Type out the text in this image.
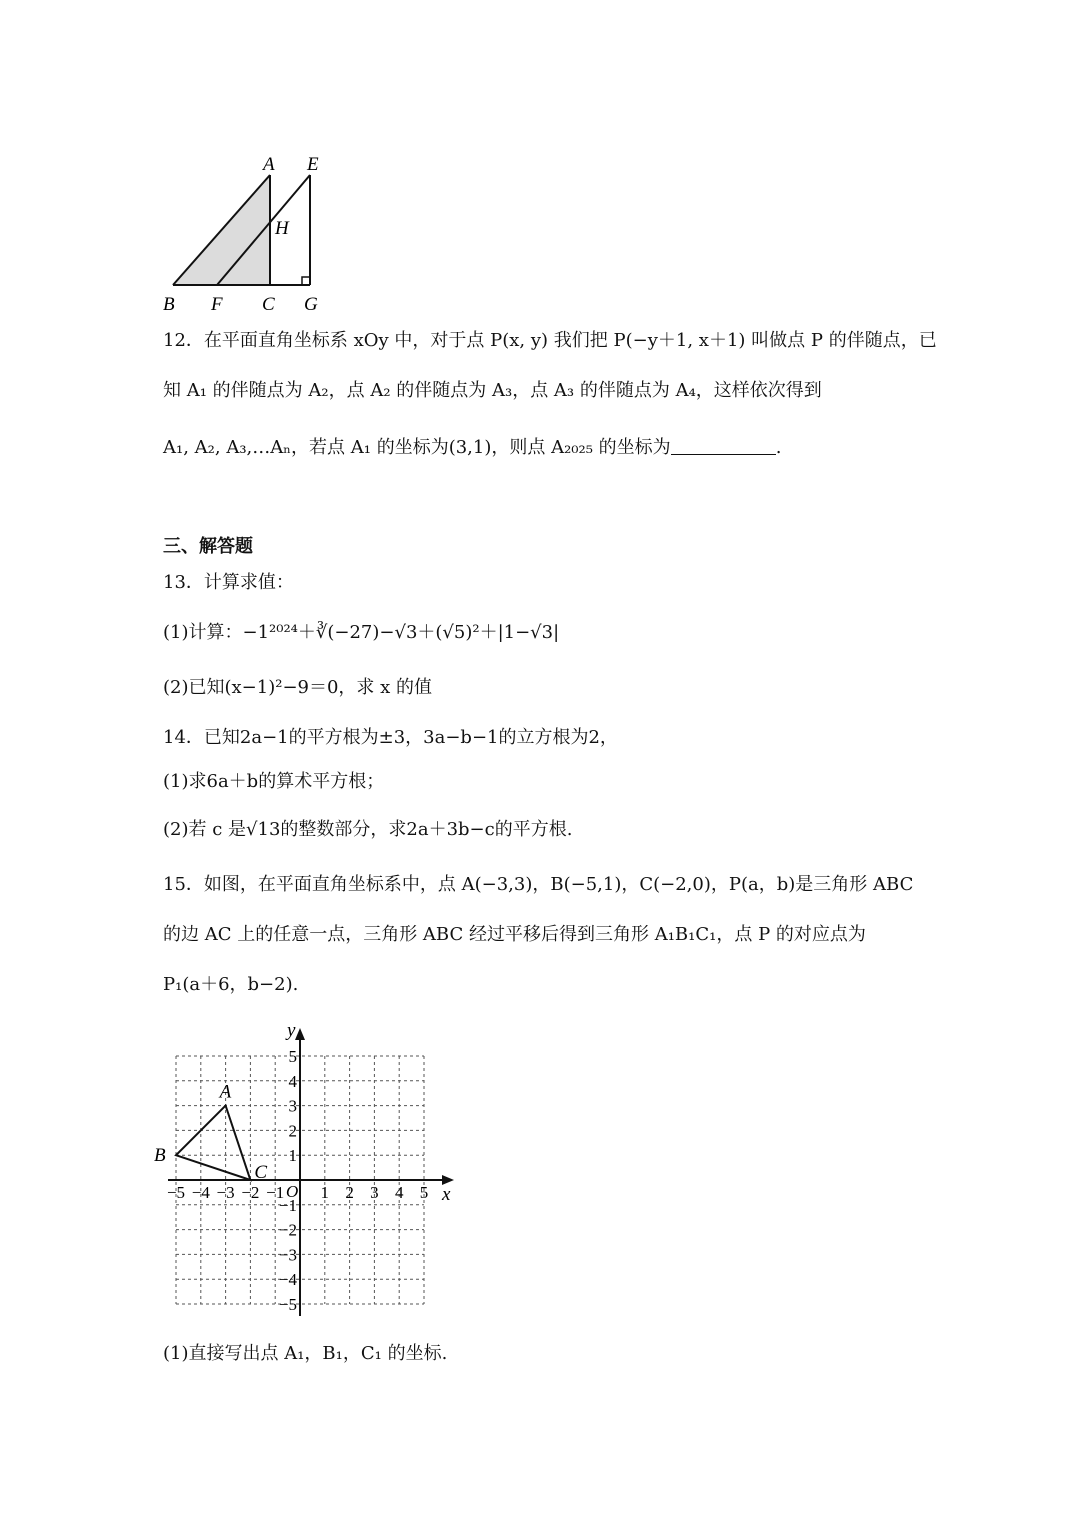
A E
H
B F C G
12．在平面直角坐标系 xOy 中，对于点 P(x, y) 我们把 P(−y＋1, x＋1) 叫做点 P 的伴随点，已
知 A₁ 的伴随点为 A₂，点 A₂ 的伴随点为 A₃，点 A₃ 的伴随点为 A₄，这样依次得到
A₁, A₂, A₃,…Aₙ，若点 A₁ 的坐标为(3,1)，则点 A₂₀₂₅ 的坐标为	.
三、解答题
13．计算求值：
(1)计算：−1²⁰²⁴＋∛(−27)−√3＋(√5)²＋|1−√3|
(2)已知(x−1)²−9＝0，求 x 的值
14．已知2a−1的平方根为±3，3a−b−1的立方根为2，
(1)求6a＋b的算术平方根；
(2)若 c 是√13的整数部分，求2a＋3b−c的平方根.
15．如图，在平面直角坐标系中，点 A(−3,3)，B(−5,1)，C(−2,0)，P(a，b)是三角形 ABC
的边 AC 上的任意一点，三角形 ABC 经过平移后得到三角形 A₁B₁C₁，点 P 的对应点为
P₁(a＋6，b−2).
x
y
O
−5 −4 −3 −2 −1 1 2 3 4 5
5
4
3
2
1
−1
−2
−3
−4
−5
A
B
C
(1)直接写出点 A₁，B₁，C₁ 的坐标.
